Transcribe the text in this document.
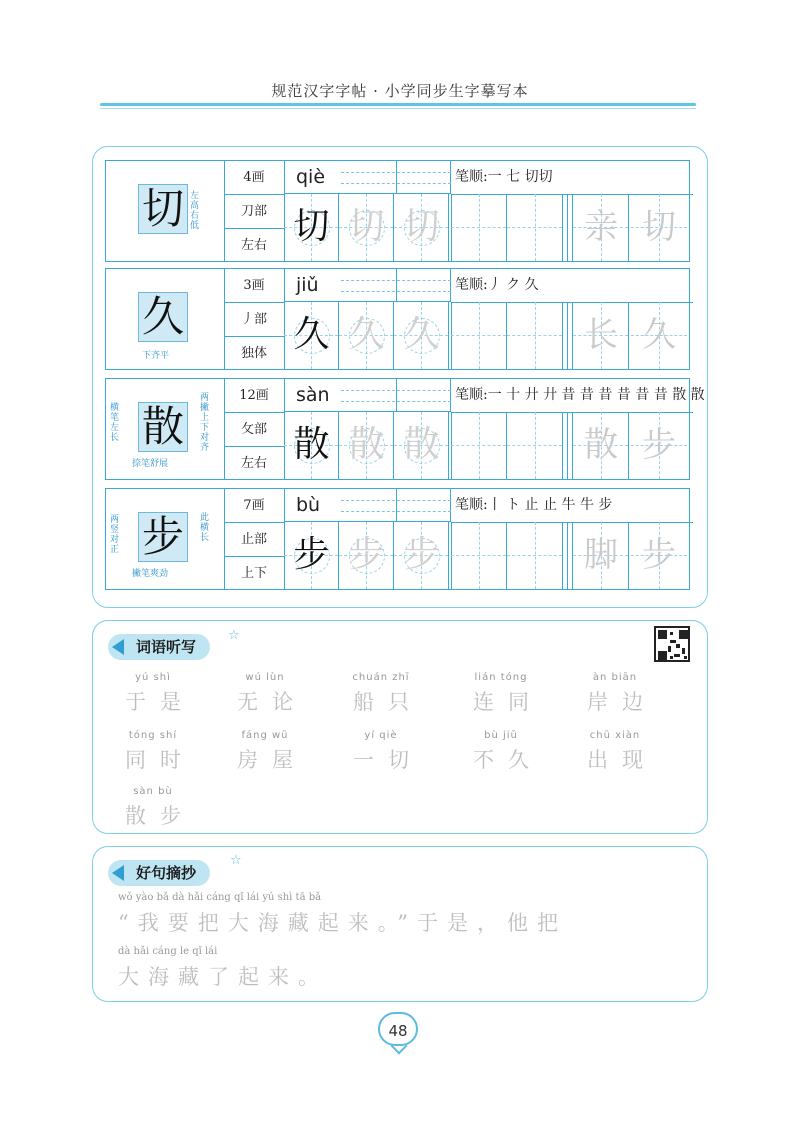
规范汉字字帖 · 小学同步生字摹写本
切 左高右低
4画
刀部
左右
qiè
切 切 切
笔顺:一 七 切切
亲 切
久
下齐平
3画
丿部
独体
jiǔ
久 久 久
笔顺:丿 ク 久
长 久
散
横笔左长
两撇上下对齐
捺笔舒展
12画
攵部
左右
sàn
散 散 散
笔顺:一 十 廾 廾 昔 昔 昔 昔 昔 昔 散 散
散 步
步
两竖对正
此横长
撇笔爽劲
7画
止部
上下
bù
步 步 步
笔顺:丨 ト 止 止 牛 牛 步
脚 步
词语听写
☆
yú shì
于是
wú lùn
无论
chuán zhī
船只
lián tóng
连同
àn biān
岸边
tóng shí
同时
fáng wū
房屋
yí qiè
一切
bù jiǔ
不久
chū xiàn
出现
sàn bù
散步
好句摘抄
☆
wǒ yào bǎ dà hǎi cáng qǐ lái yú shì tā bǎ
“我要把大海藏起来。”于是，他把
dà hǎi cáng le qǐ lái
大海藏了起来。
48
